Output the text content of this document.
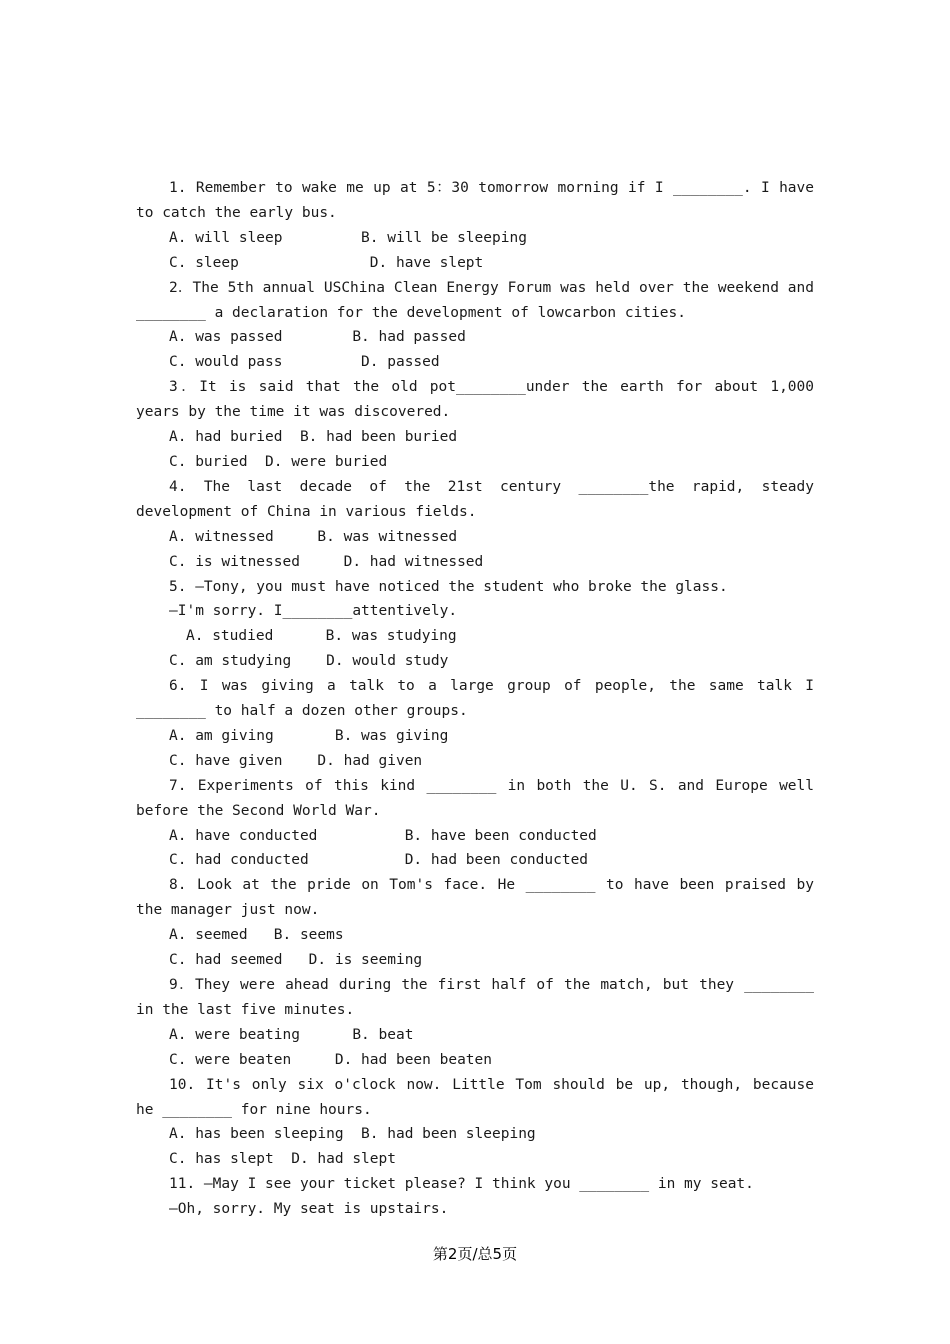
1. Remember to wake me up at 5：30 tomorrow morning if I ________. I have to catch the early bus.

A. will sleep         B. will be sleeping

C. sleep               D. have slept

2．The 5th annual USChina Clean Energy Forum was held over the weekend and ________ a declaration for the development of lowcarbon cities.

A. was passed        B. had passed

C. would pass         D. passed

3．It is said that the old pot________under the earth for about 1,000 years by the time it was discovered.

A. had buried  B. had been buried

C. buried  D. were buried

4. The last decade of the 21st century ________the rapid, steady development of China in various fields.

A. witnessed     B. was witnessed

C. is witnessed     D. had witnessed

5. —Tony, you must have noticed the student who broke the glass.

—I'm sorry. I________attentively.

A. studied      B. was studying

C. am studying    D. would study

6. I was giving a talk to a large group of people, the same talk I ________ to half a dozen other groups.

A. am giving       B. was giving

C. have given    D. had given

7. Experiments of this kind ________ in both the U. S. and Europe well before the Second World War.

A. have conducted          B. have been conducted

C. had conducted           D. had been conducted

8. Look at the pride on Tom's face. He ________ to have been praised by the manager just now.

A. seemed   B. seems

C. had seemed   D. is seeming

9．They were ahead during the first half of the match, but they ________ in the last five minutes.

A. were beating      B. beat

C. were beaten     D. had been beaten

10. It's only six o'clock now. Little Tom should be up, though, because he ________ for nine hours.

A. has been sleeping  B. had been sleeping

C. has slept  D. had slept

11. —May I see your ticket please? I think you ________ in my seat.

—Oh, sorry. My seat is upstairs.

第2页/总5页
